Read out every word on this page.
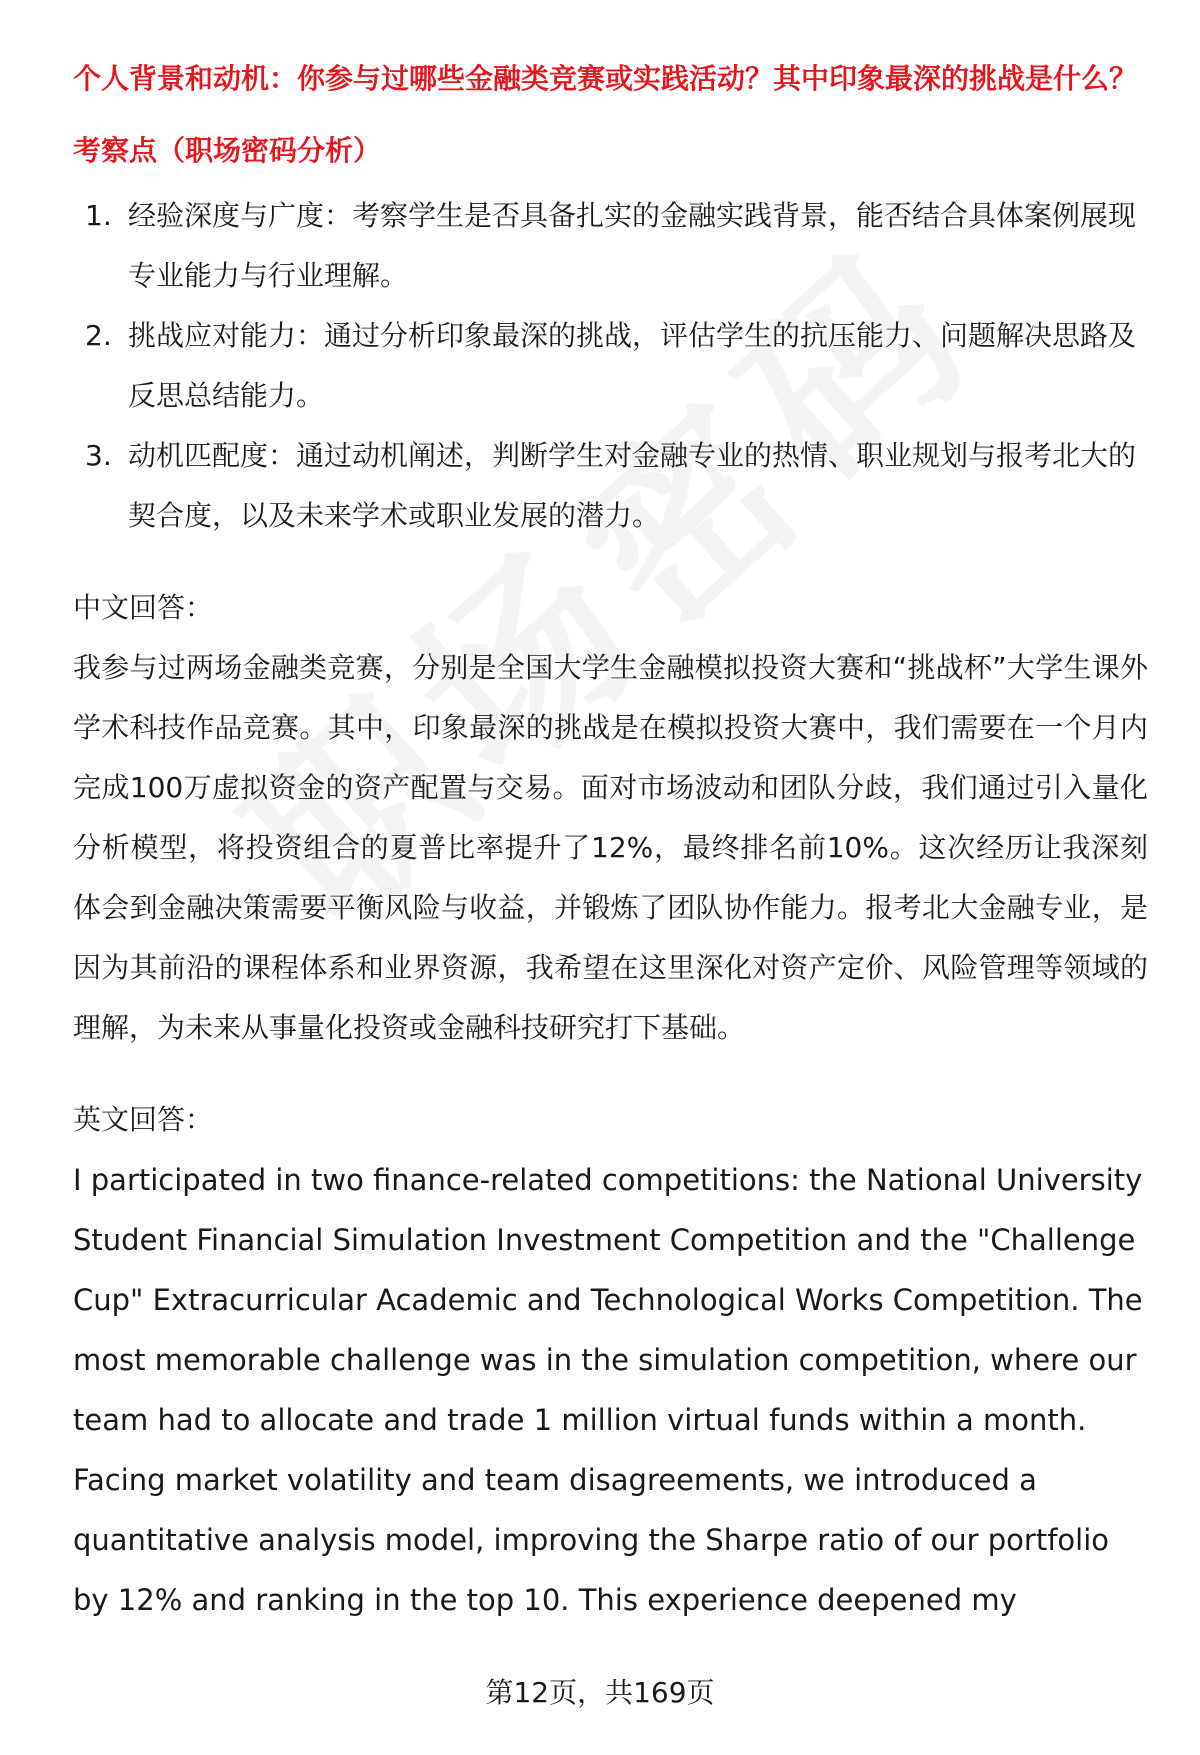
个人背景和动机：你参与过哪些金融类竞赛或实践活动？其中印象最深的挑战是什么？

考察点（职场密码分析）

1. 经验深度与广度：考察学生是否具备扎实的金融实践背景，能否结合具体案例展现专业能力与行业理解。
2. 挑战应对能力：通过分析印象最深的挑战，评估学生的抗压能力、问题解决思路及反思总结能力。
3. 动机匹配度：通过动机阐述，判断学生对金融专业的热情、职业规划与报考北大的契合度，以及未来学术或职业发展的潜力。

中文回答：

我参与过两场金融类竞赛，分别是全国大学生金融模拟投资大赛和“挑战杯”大学生课外学术科技作品竞赛。其中，印象最深的挑战是在模拟投资大赛中，我们需要在一个月内完成100万虚拟资金的资产配置与交易。面对市场波动和团队分歧，我们通过引入量化分析模型，将投资组合的夏普比率提升了12%，最终排名前10%。这次经历让我深刻体会到金融决策需要平衡风险与收益，并锻炼了团队协作能力。报考北大金融专业，是因为其前沿的课程体系和业界资源，我希望在这里深化对资产定价、风险管理等领域的理解，为未来从事量化投资或金融科技研究打下基础。

英文回答：

I participated in two finance-related competitions: the National University Student Financial Simulation Investment Competition and the "Challenge Cup" Extracurricular Academic and Technological Works Competition. The most memorable challenge was in the simulation competition, where our team had to allocate and trade 1 million virtual funds within a month. Facing market volatility and team disagreements, we introduced a quantitative analysis model, improving the Sharpe ratio of our portfolio by 12% and ranking in the top 10. This experience deepened my

第12页，共169页
